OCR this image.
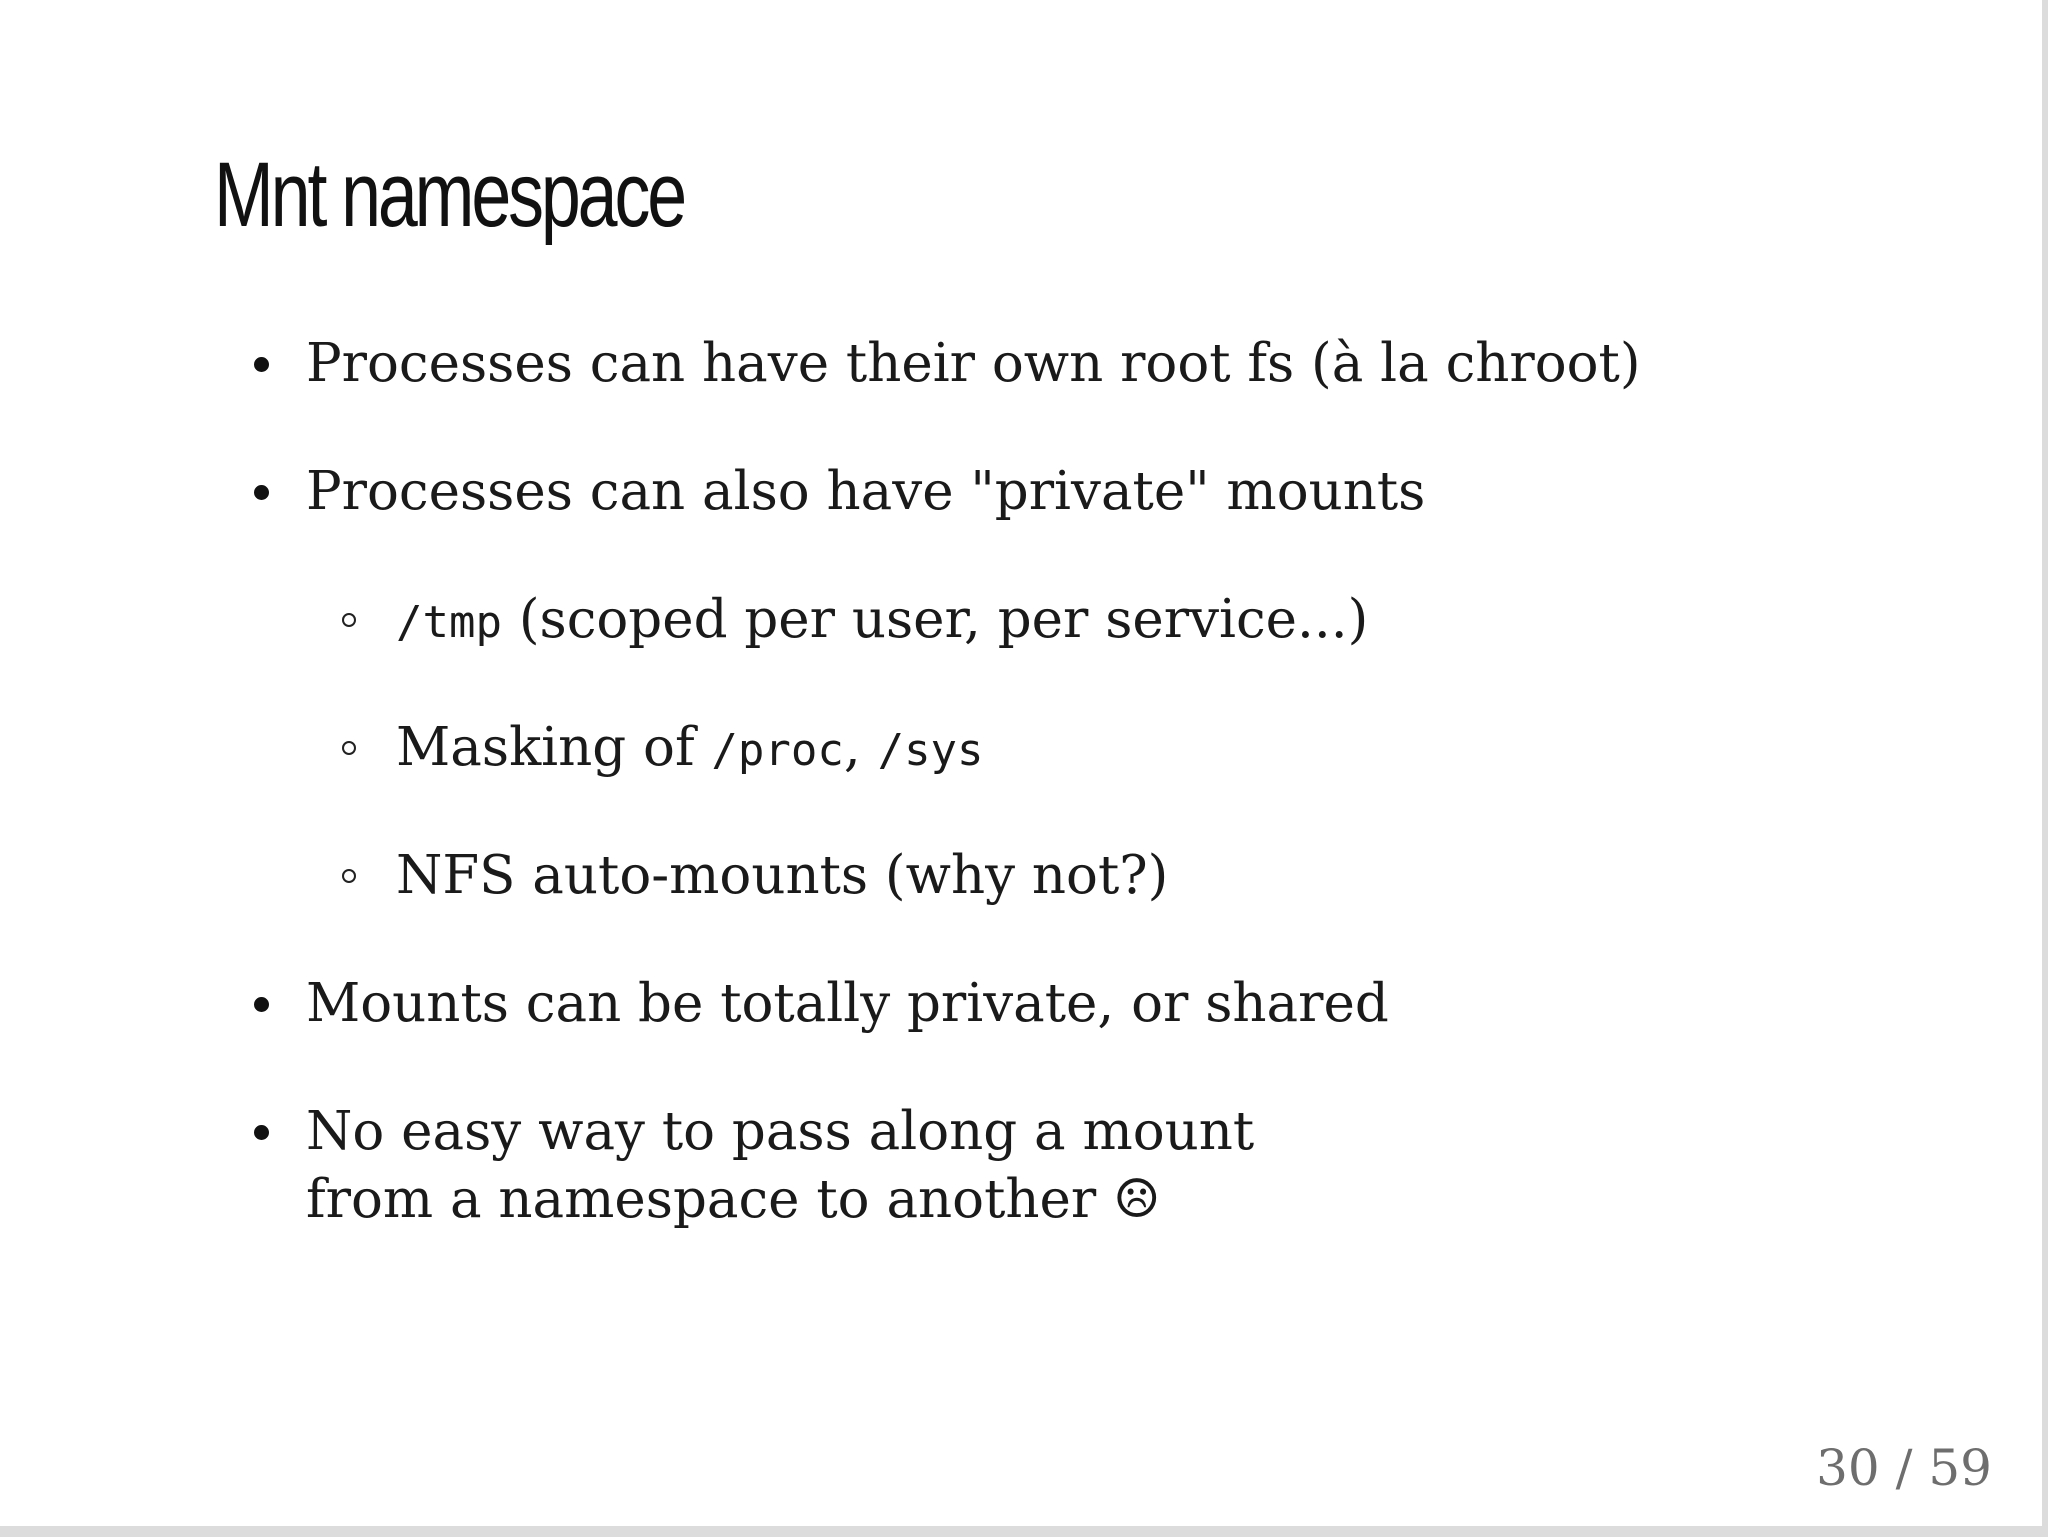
Mnt namespace
Processes can have their own root fs (à la chroot)
Processes can also have "private" mounts
/tmp (scoped per user, per service...)
Masking of /proc, /sys
NFS auto-mounts (why not?)
Mounts can be totally private, or shared
No easy way to pass along a mount
from a namespace to another ☹
30 / 59
